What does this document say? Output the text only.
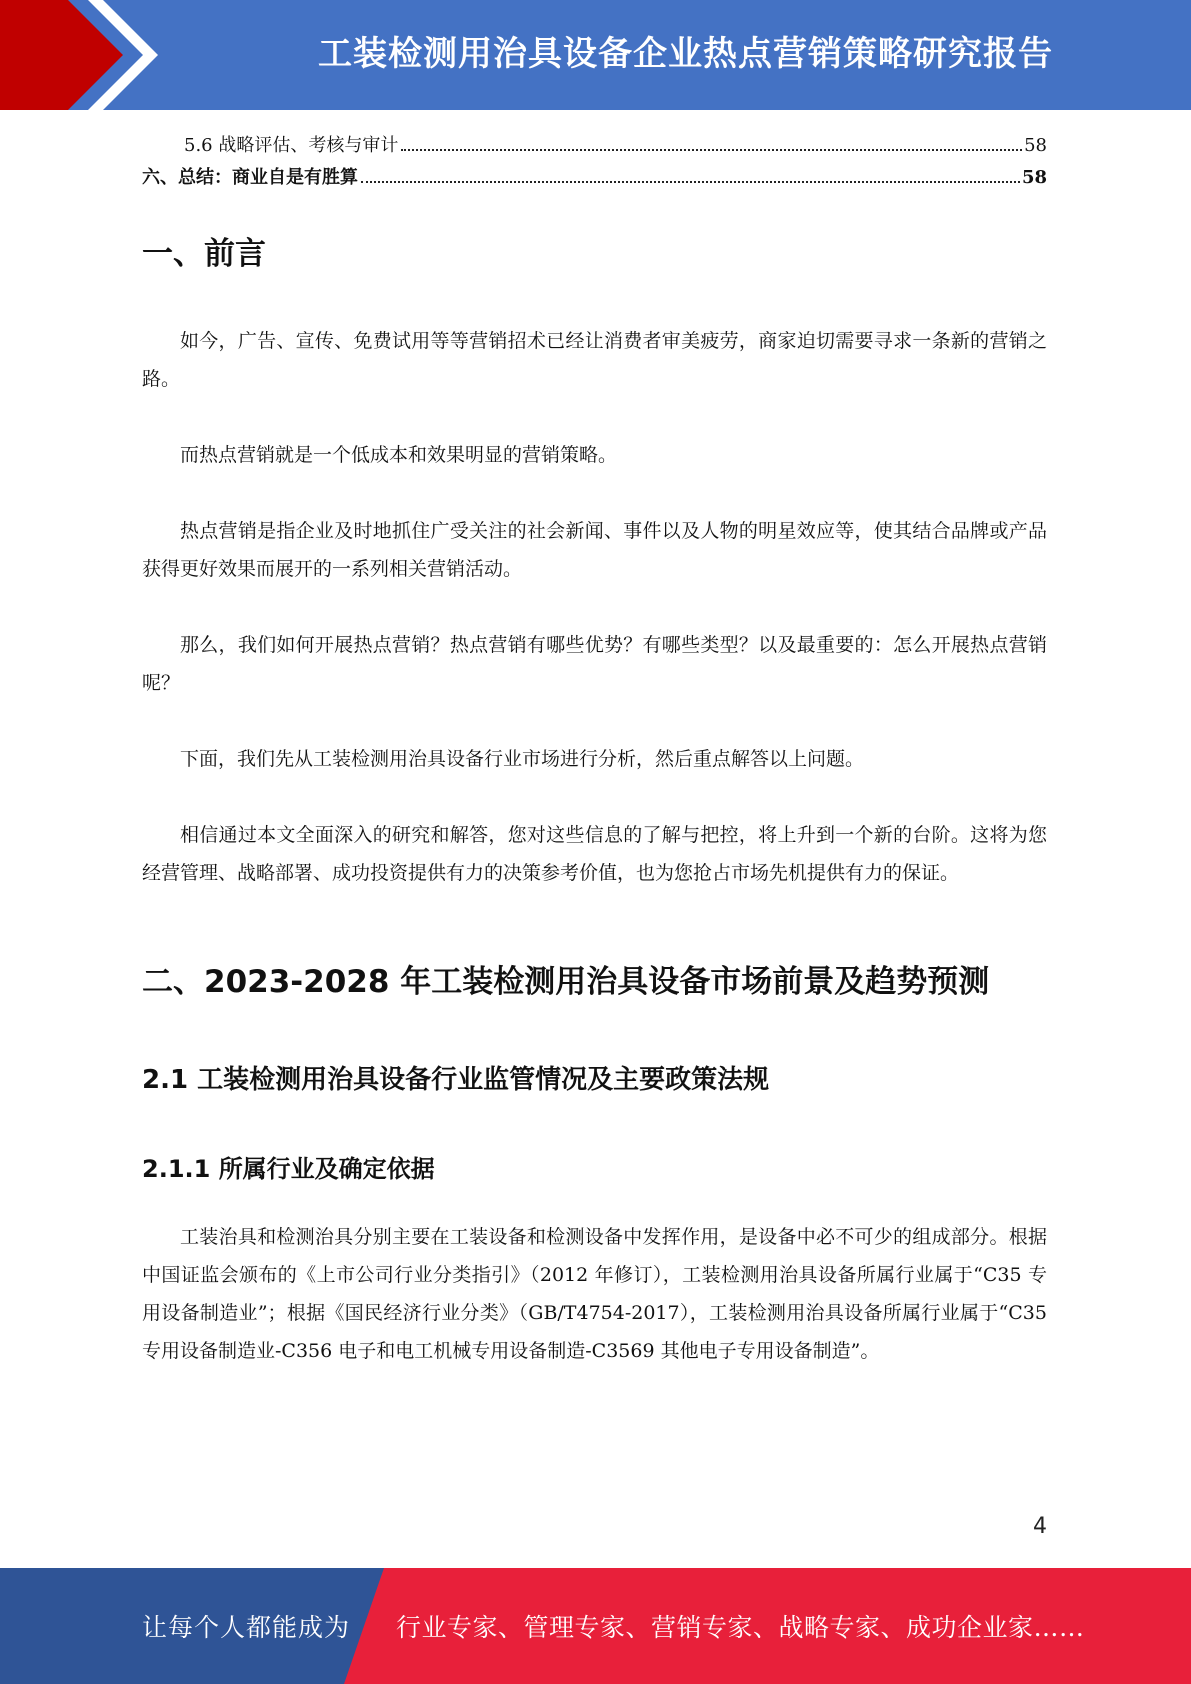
工装检测用治具设备企业热点营销策略研究报告
5.6 战略评估、考核与审计	58
六、总结：商业自是有胜算	58
一、前言

如今，广告、宣传、免费试用等等营销招术已经让消费者审美疲劳，商家迫切需要寻求一条新的营销之路。

而热点营销就是一个低成本和效果明显的营销策略。

热点营销是指企业及时地抓住广受关注的社会新闻、事件以及人物的明星效应等，使其结合品牌或产品获得更好效果而展开的一系列相关营销活动。

那么，我们如何开展热点营销？热点营销有哪些优势？有哪些类型？以及最重要的：怎么开展热点营销呢？

下面，我们先从工装检测用治具设备行业市场进行分析，然后重点解答以上问题。

相信通过本文全面深入的研究和解答，您对这些信息的了解与把控，将上升到一个新的台阶。这将为您经营管理、战略部署、成功投资提供有力的决策参考价值，也为您抢占市场先机提供有力的保证。

二、2023-2028 年工装检测用治具设备市场前景及趋势预测
2.1 工装检测用治具设备行业监管情况及主要政策法规
2.1.1 所属行业及确定依据

工装治具和检测治具分别主要在工装设备和检测设备中发挥作用，是设备中必不可少的组成部分。根据中国证监会颁布的《上市公司行业分类指引》（2012 年修订），工装检测用治具设备所属行业属于“C35 专用设备制造业”；根据《国民经济行业分类》（GB/T4754-2017），工装检测用治具设备所属行业属于“C35 专用设备制造业-C356 电子和电工机械专用设备制造-C3569 其他电子专用设备制造”。

4
让每个人都能成为 行业专家、管理专家、营销专家、战略专家、成功企业家……
